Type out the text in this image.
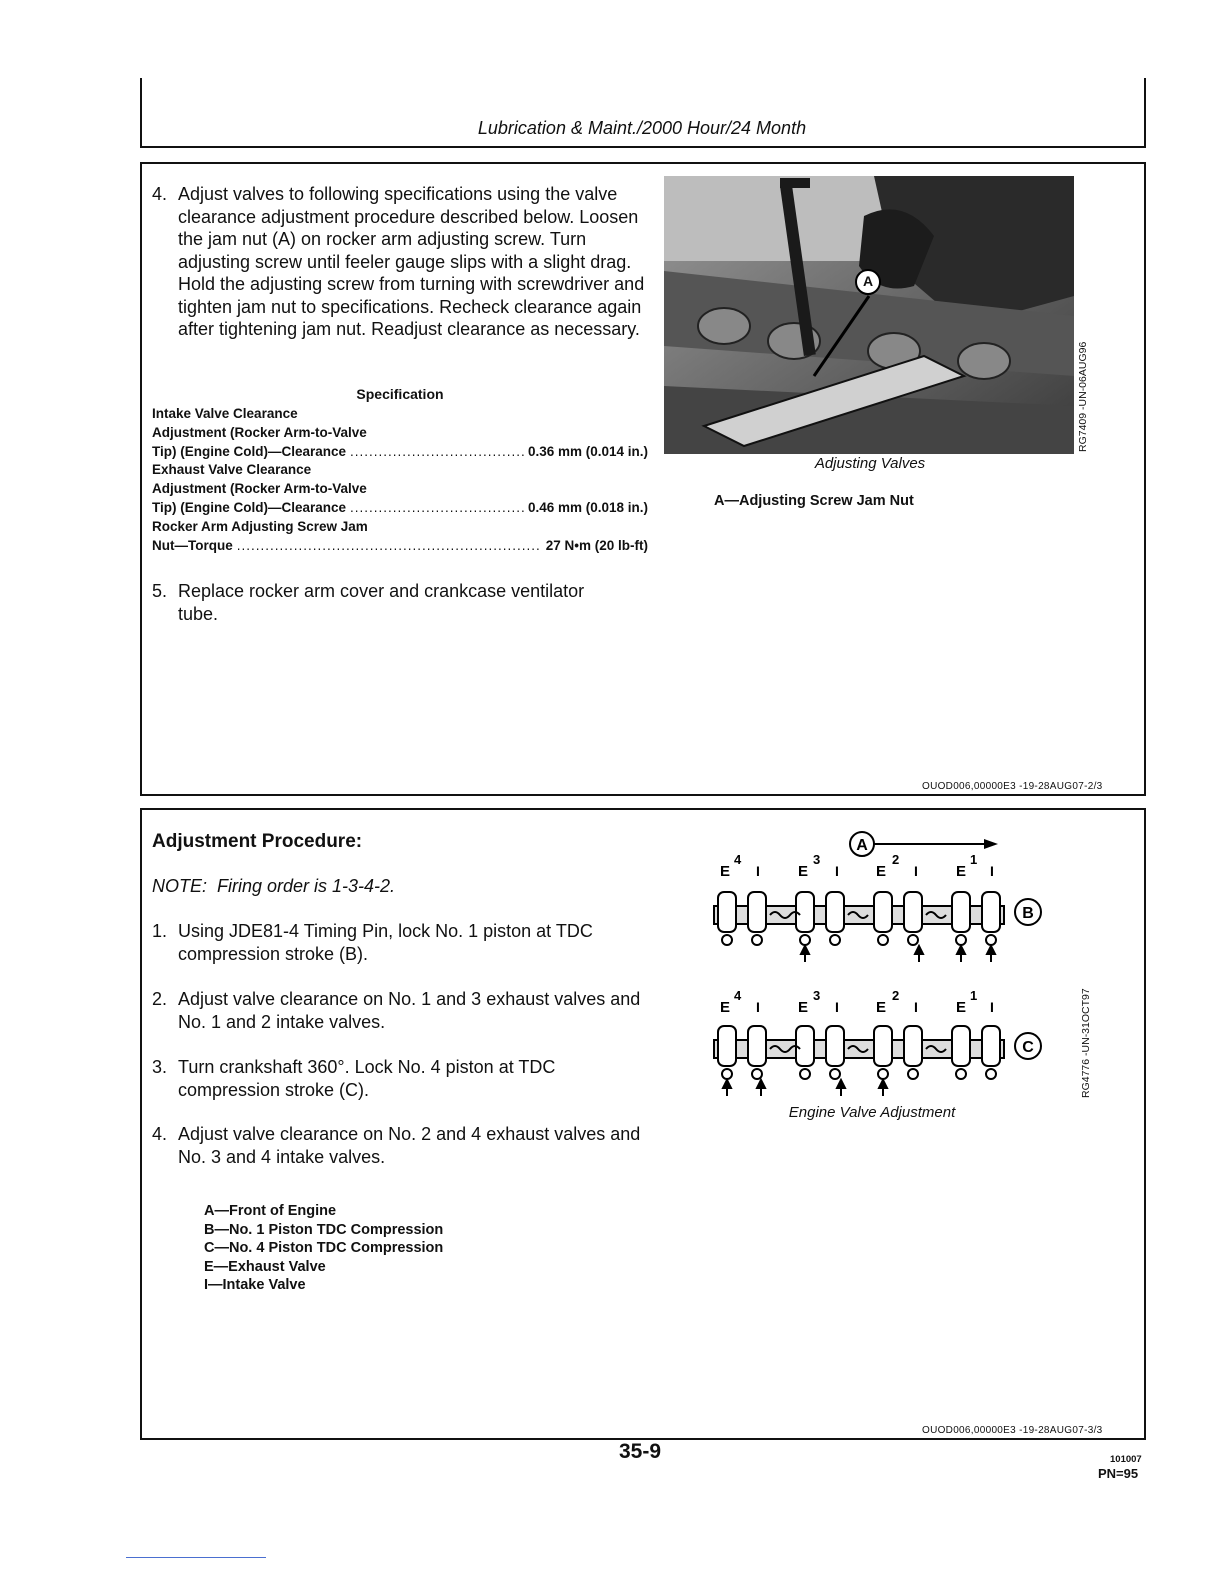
Lubrication & Maint./2000 Hour/24 Month
4. Adjust valves to following specifications using the valve clearance adjustment procedure described below. Loosen the jam nut (A) on rocker arm adjusting screw. Turn adjusting screw until feeler gauge slips with a slight drag. Hold the adjusting screw from turning with screwdriver and tighten jam nut to specifications. Recheck clearance again after tightening jam nut. Readjust clearance as necessary.
Specification
Intake Valve Clearance
Adjustment (Rocker Arm-to-Valve
Tip) (Engine Cold)—Clearance .....	0.36 mm (0.014 in.)
Exhaust Valve Clearance
Adjustment (Rocker Arm-to-Valve
Tip) (Engine Cold)—Clearance .....	0.46 mm (0.018 in.)
Rocker Arm Adjusting Screw Jam
Nut—Torque .....	27 N•m (20 lb-ft)
5. Replace rocker arm cover and crankcase ventilator tube.
A
RG7409 -UN-06AUG96
Adjusting Valves
A—Adjusting Screw Jam Nut
OUOD006,00000E3 -19-28AUG07-2/3
Adjustment Procedure:
NOTE:  Firing order is 1-3-4-2.
1. Using JDE81-4 Timing Pin, lock No. 1 piston at TDC compression stroke (B).
2. Adjust valve clearance on No. 1 and 3 exhaust valves and No. 1 and 2 intake valves.
3. Turn crankshaft 360°. Lock No. 4 piston at TDC compression stroke (C).
4. Adjust valve clearance on No. 2 and 4 exhaust valves and No. 3 and 4 intake valves.
A—Front of Engine
B—No. 1 Piston TDC Compression
C—No. 4 Piston TDC Compression
E—Exhaust Valve
I—Intake Valve
A
E
4
I	E
3
I E
2
I	E
1
I
B
E
4
I	E
3
I E
2
I	E
1
I
C	RG4776 -UN-31OCT97
Engine Valve Adjustment
OUOD006,00000E3 -19-28AUG07-3/3
35-9	101007
PN=95
